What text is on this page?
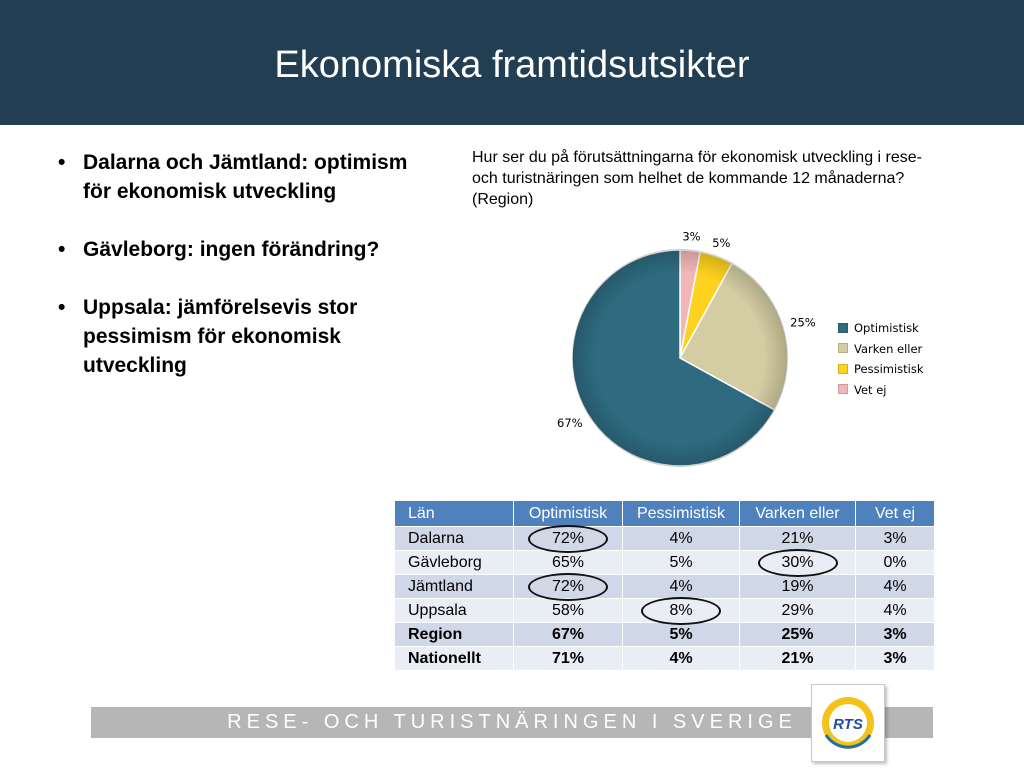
Ekonomiska framtidsutsikter
• Dalarna och Jämtland: optimism för ekonomisk utveckling
• Gävleborg: ingen förändring?
• Uppsala: jämförelsevis stor pessimism för ekonomisk utveckling
Hur ser du på förutsättningarna för ekonomisk utveckling i rese- och turistnäringen som helhet de kommande 12 månaderna? (Region)
3% 5%
25%
67%
Optimistisk
Varken eller
Pessimistisk
Vet ej
Län	Optimistisk	Pessimistisk	Varken eller	Vet ej
Dalarna	72%	4%	21%	3%
Gävleborg	65%	5%	30%	0%
Jämtland	72%	4%	19%	4%
Uppsala	58%	8%	29%	4%
Region	67%	5%	25%	3%
Nationellt	71%	4%	21%	3%
RESE- OCH TURISTNÄRINGEN I SVERIGE	RTS
